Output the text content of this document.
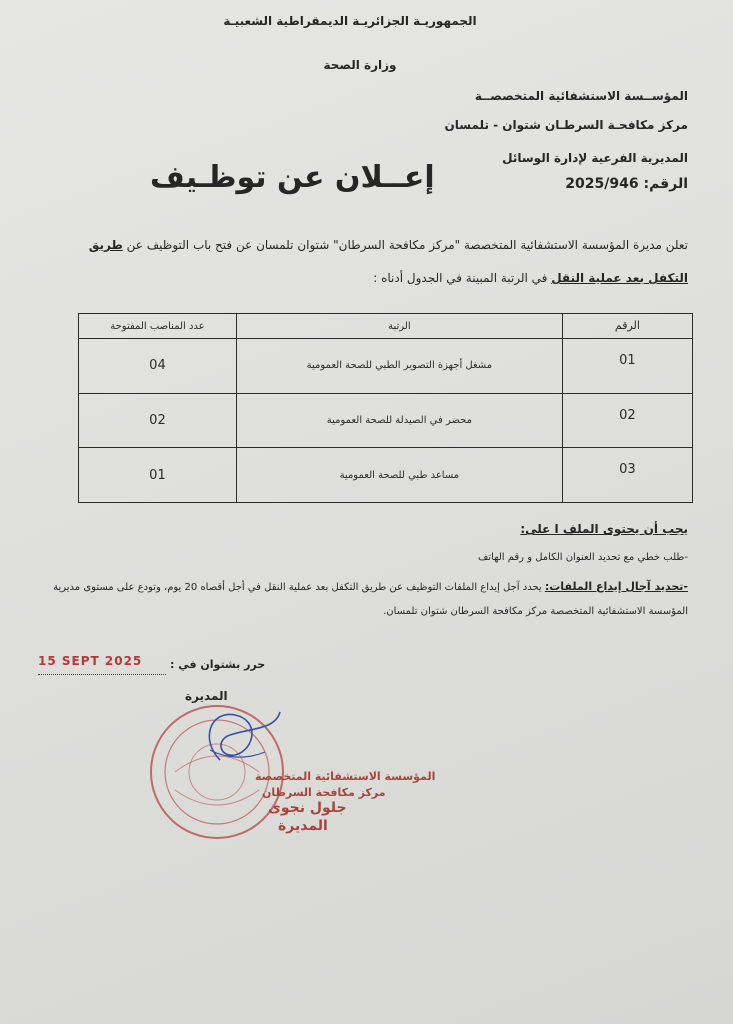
الجمهوريـة الجزائريـة الديمقراطية الشعبيـة
وزارة الصحة
المؤســسة الاستشفائية المتخصصــة
مركز مكافحـة السرطـان شتوان - تلمسان
المديرية الفرعية لإدارة الوسائل
الرقم: 2025/946
إعــلان عن توظـيف
تعلن مديرة المؤسسة الاستشفائية المتخصصة "مركز مكافحة السرطان" شتوان تلمسان عن فتح باب التوظيف عن طريق
التكفل بعد عملية النقل في الرتبة المبينة في الجدول أدناه :
الرقم	الرتبة	عدد المناصب المفتوحة
01	مشغل أجهزة التصوير الطبي للصحة العمومية	04
02	محضر في الصيدلة للصحة العمومية	02
03	مساعد طبي للصحة العمومية	01
يجب أن يحتوى الملف ا على:
-طلب خطي مع تحديد العنوان الكامل و رقم الهاتف
-تحديد آجال إيداع الملفات: يحدد آجل إيداع الملفات التوظيف عن طريق التكفل بعد عملية النقل في أجل أقصاه 20 يوم، وتودع على مستوى مديرية
المؤسسة الاستشفائية المتخصصة مركز مكافحة السرطان شتوان تلمسان.
حرر بشتوان في :
15 SEPT 2025
المديرة
المؤسسة الاستشفائية المتخصصة
مركز مكافحة السرطان
جلول نجوى
المديرة
